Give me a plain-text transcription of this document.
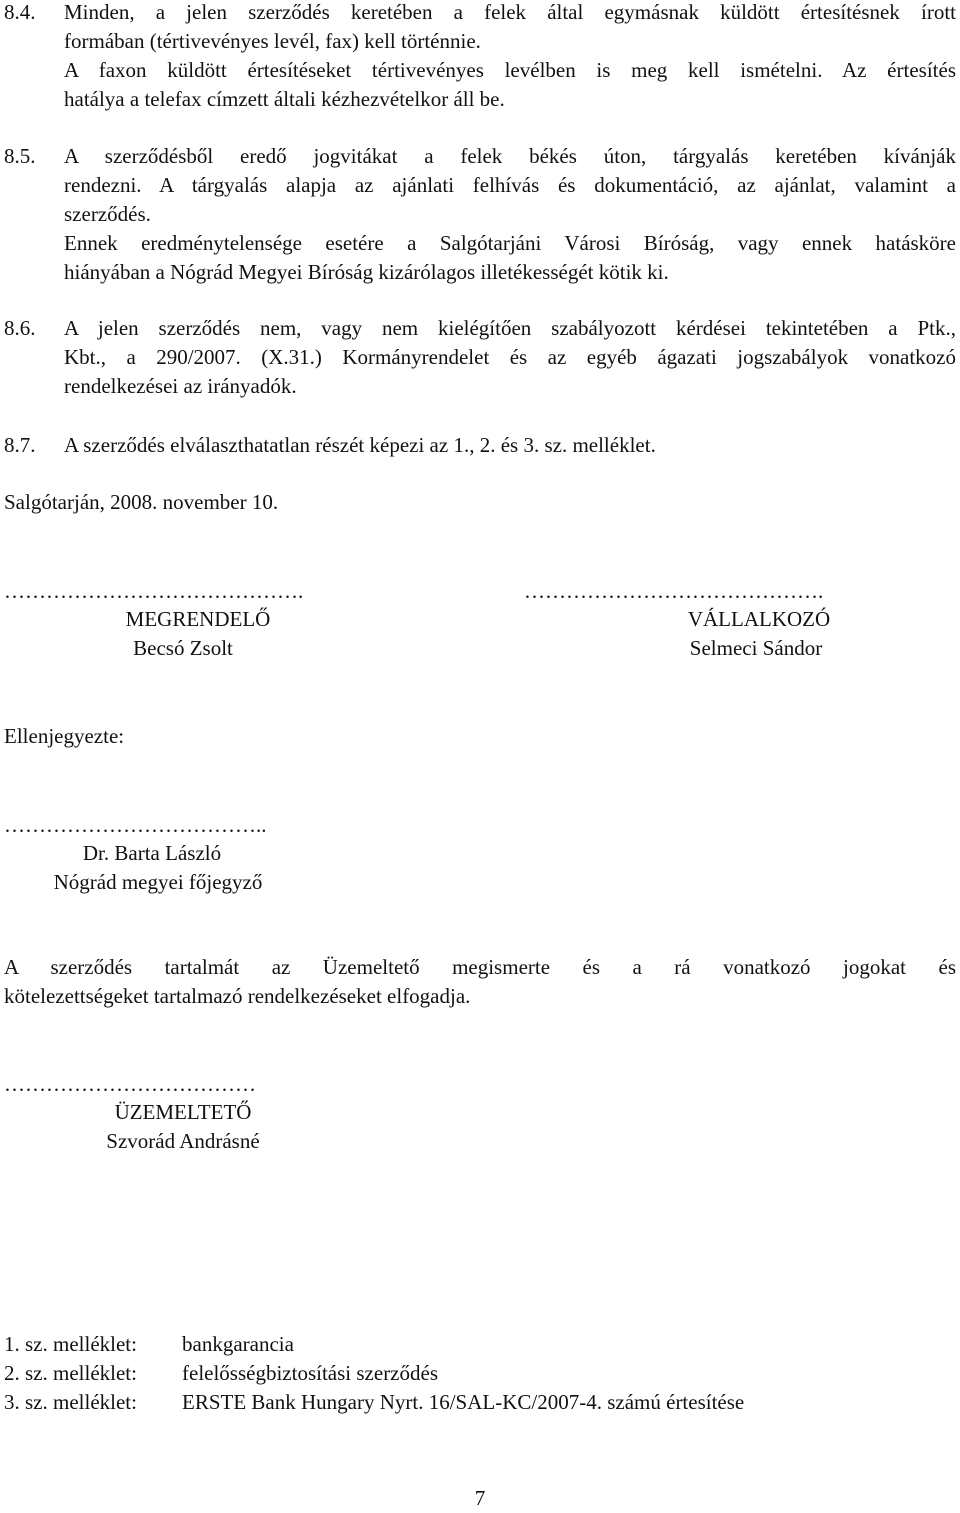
8.4. Minden, a jelen szerződés keretében a felek által egymásnak küldött értesítésnek írott
formában (tértivevényes levél, fax) kell történnie.
A faxon küldött értesítéseket tértivevényes levélben is meg kell ismételni. Az értesítés
hatálya a telefax címzett általi kézhezvételkor áll be.
8.5. A szerződésből eredő jogvitákat a felek békés úton, tárgyalás keretében kívánják
rendezni. A tárgyalás alapja az ajánlati felhívás és dokumentáció, az ajánlat, valamint a
szerződés.
Ennek eredménytelensége esetére a Salgótarjáni Városi Bíróság, vagy ennek hatásköre
hiányában a Nógrád Megyei Bíróság kizárólagos illetékességét kötik ki.
8.6. A jelen szerződés nem, vagy nem kielégítően szabályozott kérdései tekintetében a Ptk.,
Kbt., a 290/2007. (X.31.) Kormányrendelet és az egyéb ágazati jogszabályok vonatkozó
rendelkezései az irányadók.
8.7. A szerződés elválaszthatatlan részét képezi az 1., 2. és 3. sz. melléklet.
Salgótarján, 2008. november 10.
…………………………………….
MEGRENDELŐ
Becsó Zsolt
…………………………………….
VÁLLALKOZÓ
Selmeci Sándor
Ellenjegyezte:
………………………………..
Dr. Barta László
Nógrád megyei főjegyző
A szerződés tartalmát az Üzemeltető megismerte és a rá vonatkozó jogokat és
kötelezettségeket tartalmazó rendelkezéseket elfogadja.
………………………………
ÜZEMELTETŐ
Szvorád Andrásné
1. sz. melléklet: bankgarancia
2. sz. melléklet: felelősségbiztosítási szerződés
3. sz. melléklet: ERSTE Bank Hungary Nyrt. 16/SAL-KC/2007-4. számú értesítése
7
